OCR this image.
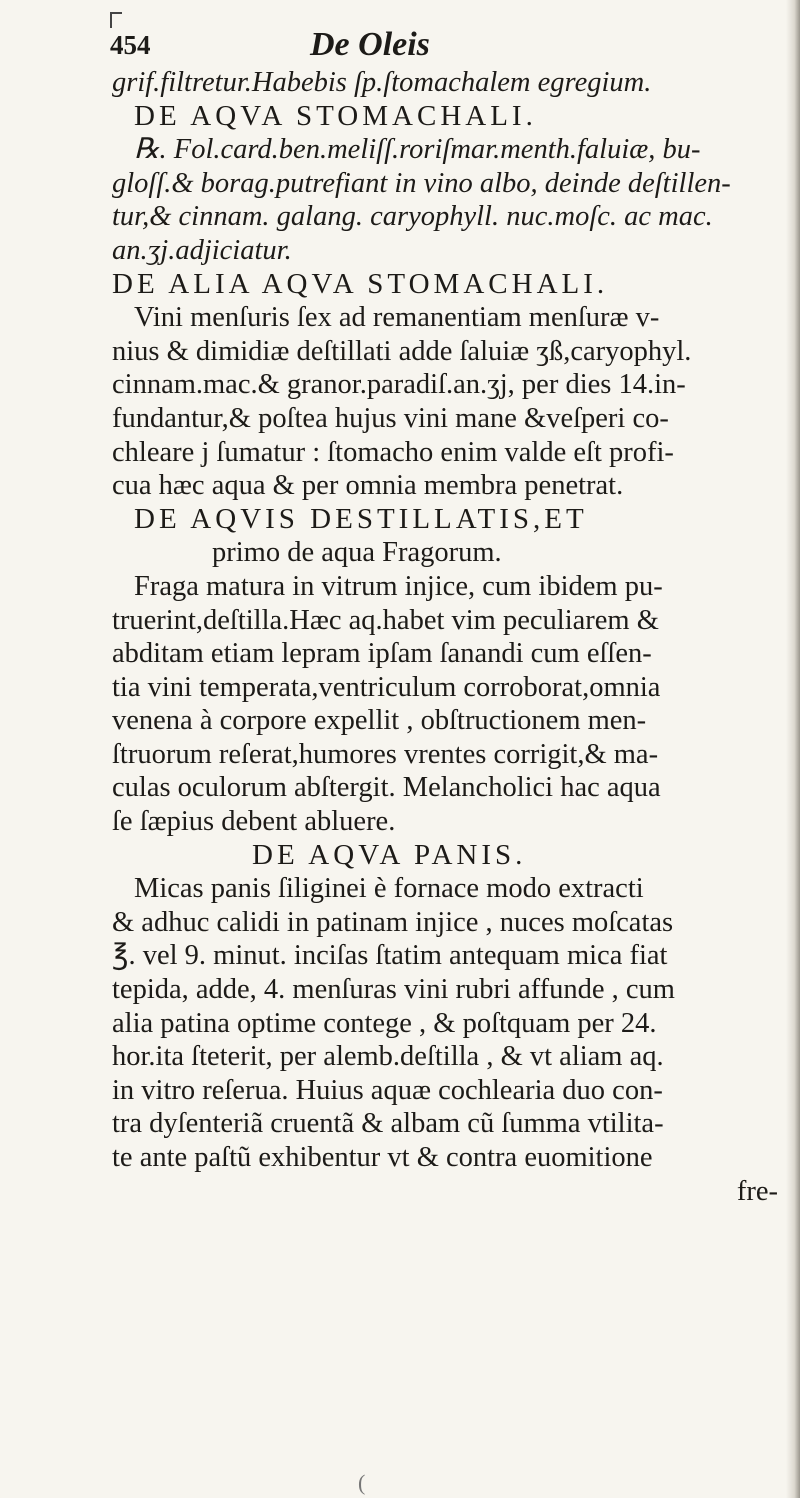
454	De Oleis
grif.filtretur.Habebis ſp.ſtomachalem egregium.
DE AQVA STOMACHALI.
℞. Fol.card.ben.meliſſ.roriſmar.menth.faluiæ, bu-
gloſſ.& borag.putrefiant in vino albo, deinde deſtillen-
tur,& cinnam. galang. caryophyll. nuc.moſc. ac mac.
an.ʒj.adjiciatur.
DE ALIA AQVA STOMACHALI.
Vini menſuris ſex ad remanentiam menſuræ v-
nius & dimidiæ deſtillati adde ſaluiæ ʒß,caryophyl.
cinnam.mac.& granor.paradiſ.an.ʒj, per dies 14.in-
fundantur,& poſtea hujus vini mane &veſperi co-
chleare j ſumatur : ſtomacho enim valde eſt profi-
cua hæc aqua & per omnia membra penetrat.
DE AQVIS DESTILLATIS,ET
primo de aqua Fragorum.
Fraga matura in vitrum injice, cum ibidem pu-
truerint,deſtilla.Hæc aq.habet vim peculiarem &
abditam etiam lepram ipſam ſanandi cum eſſen-
tia vini temperata,ventriculum corroborat,omnia
venena à corpore expellit , obſtructionem men-
ſtruorum reſerat,humores vrentes corrigit,& ma-
culas oculorum abſtergit. Melancholici hac aqua
ſe ſæpius debent abluere.
DE AQVA PANIS.
Micas panis ſiliginei è fornace modo extracti
& adhuc calidi in patinam injice , nuces moſcatas
℥. vel 9. minut. inciſas ſtatim antequam mica fiat
tepida, adde, 4. menſuras vini rubri affunde , cum
alia patina optime contege , & poſtquam per 24.
hor.ita ſteterit, per alemb.deſtilla , & vt aliam aq.
in vitro reſerua. Huius aquæ cochlearia duo con-
tra dyſenteriã cruentã & albam cũ ſumma vtilita-
te ante paſtũ exhibentur vt & contra euomitione
fre-
(
